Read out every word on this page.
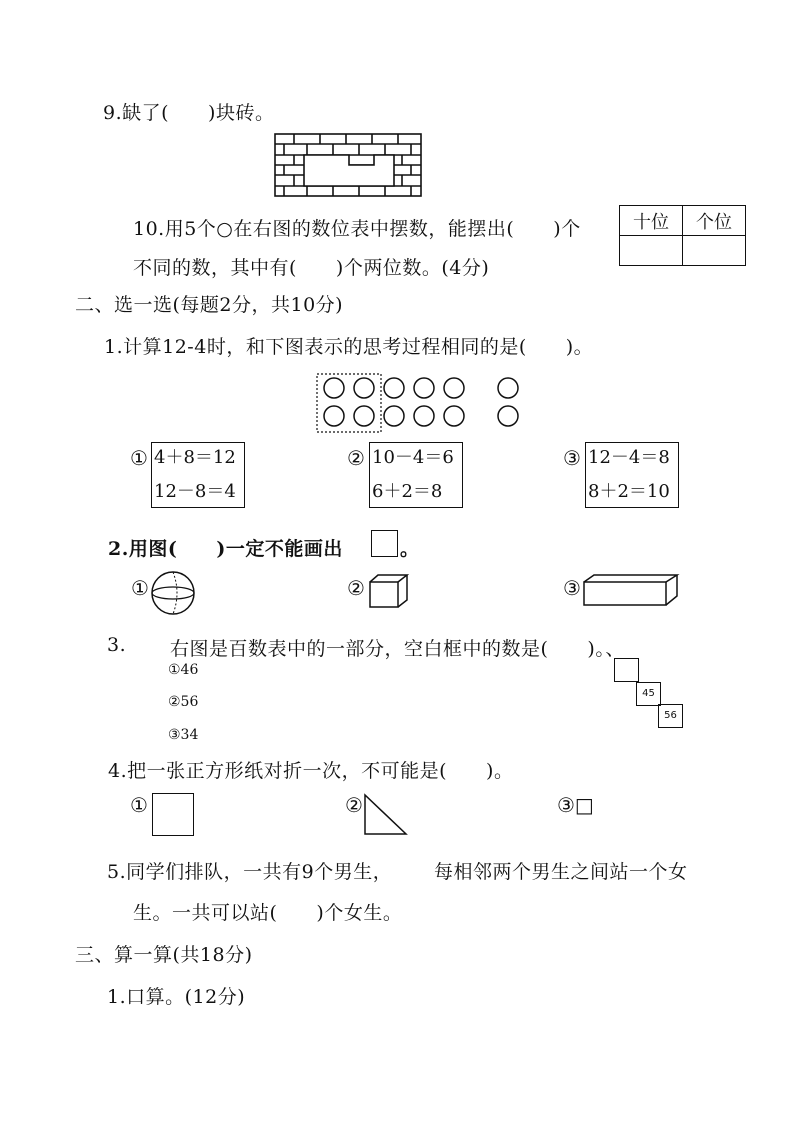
9.缺了(　　)块砖。
10.用5个○在右图的数位表中摆数，能摆出(　　)个
不同的数，其中有(　　)个两位数。(4分)
十位	个位

二、选一选(每题2分，共10分)
1.计算12-4时，和下图表示的思考过程相同的是(　　)。
① 4＋8＝12
12－8＝4
② 10－4＝6
6＋2＝8
③ 12－4＝8
8＋2＝10
2.用图(　　)一定不能画出	。
①	②	③
3. 右图是百数表中的一部分，空白框中的数是(　　)。、
①46
②56
③34
45
56
4.把一张正方形纸对折一次，不可能是(　　)。
①	②	③□
5.同学们排队，一共有9个男生， 每相邻两个男生之间站一个女
生。一共可以站(　　)个女生。
三、算一算(共18分)
1.口算。(12分)
